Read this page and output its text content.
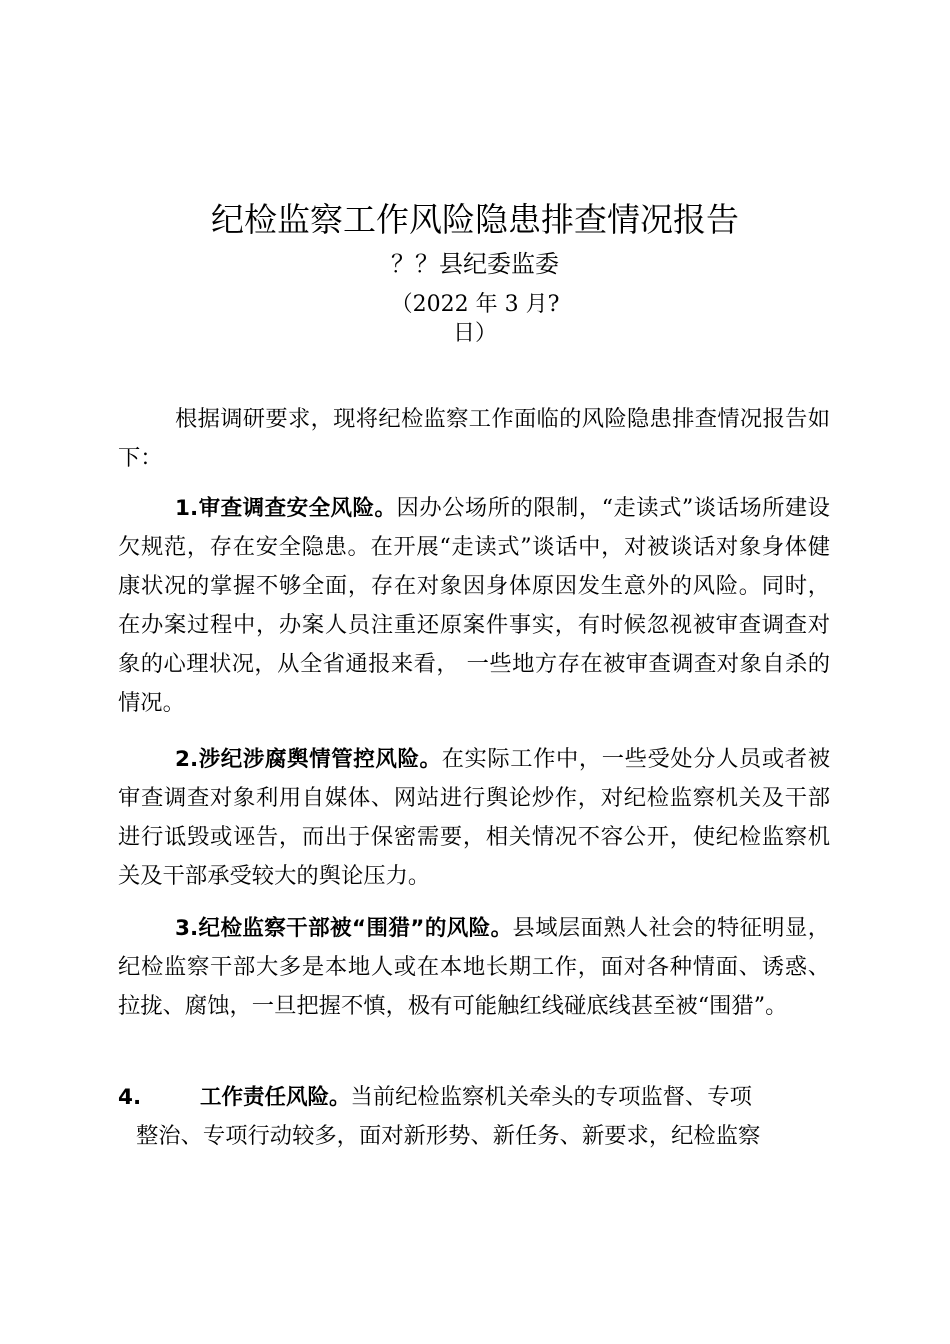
纪检监察工作风险隐患排查情况报告
？？县纪委监委
（2022 年 3 月?
日）

根据调研要求，现将纪检监察工作面临的风险隐患排查情况报告如下：

1.审查调查安全风险。因办公场所的限制，“走读式”谈话场所建设欠规范，存在安全隐患。在开展“走读式”谈话中，对被谈话对象身体健康状况的掌握不够全面，存在对象因身体原因发生意外的风险。同时，在办案过程中，办案人员注重还原案件事实，有时候忽视被审查调查对象的心理状况，从全省通报来看， 一些地方存在被审查调查对象自杀的情况。

2.涉纪涉腐舆情管控风险。在实际工作中，一些受处分人员或者被审查调查对象利用自媒体、网站进行舆论炒作，对纪检监察机关及干部进行诋毁或诬告，而出于保密需要，相关情况不容公开，使纪检监察机关及干部承受较大的舆论压力。

3.纪检监察干部被“围猎”的风险。县域层面熟人社会的特征明显，纪检监察干部大多是本地人或在本地长期工作，面对各种情面、诱惑、拉拢、腐蚀，一旦把握不慎，极有可能触红线碰底线甚至被“围猎”。

4.	工作责任风险。当前纪检监察机关牵头的专项监督、专项
整治、专项行动较多，面对新形势、新任务、新要求，纪检监察
